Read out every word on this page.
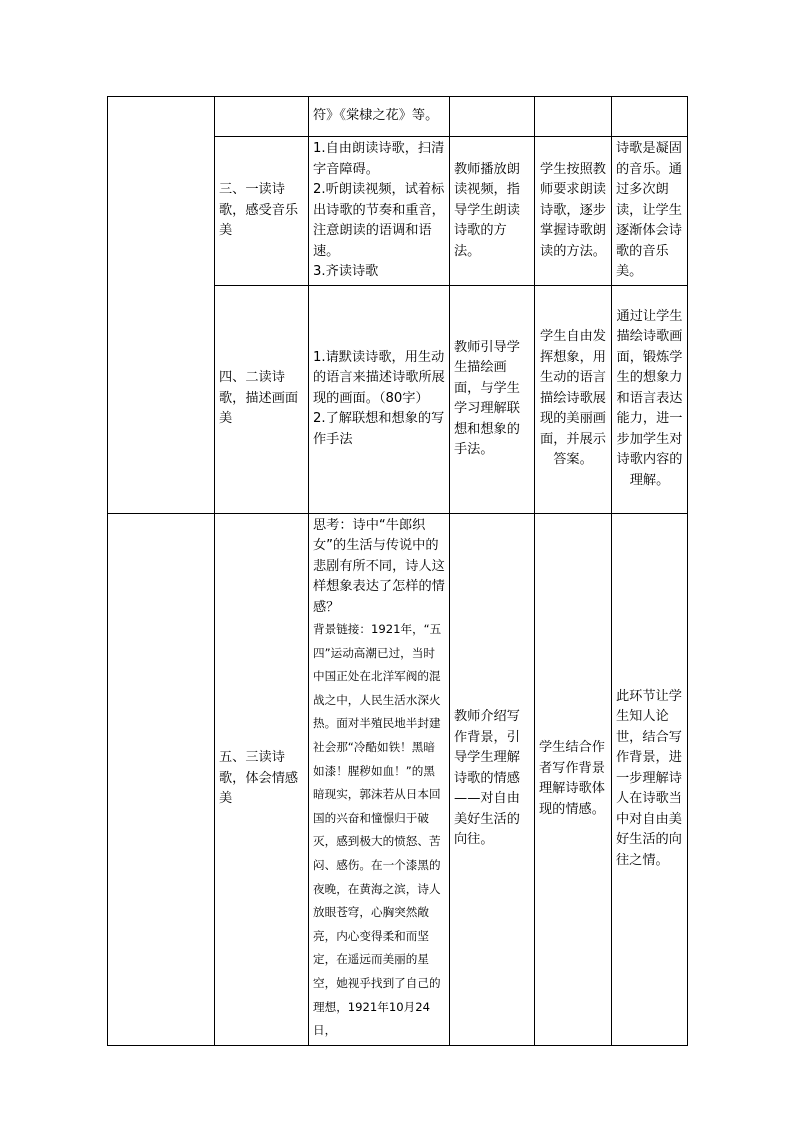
		符》《棠棣之花》等。			
	三、一读诗歌，感受音乐美	1.自由朗读诗歌，扫清字音障碍。
2.听朗读视频，试着标出诗歌的节奏和重音，注意朗读的语调和语速。
3.齐读诗歌	教师播放朗读视频，指导学生朗读诗歌的方法。	学生按照教师要求朗读诗歌，逐步掌握诗歌朗读的方法。	诗歌是凝固的音乐。通过多次朗读，让学生逐渐体会诗歌的音乐美。
	四、二读诗歌，描述画面美	1.请默读诗歌，用生动的语言来描述诗歌所展现的画面。（80字）
2.了解联想和想象的写作手法	教师引导学生描绘画面，与学生学习理解联想和想象的手法。	学生自由发挥想象，用生动的语言描绘诗歌展现的美丽画面，并展示答案。	通过让学生描绘诗歌画面，锻炼学生的想象力和语言表达能力，进一步加学生对诗歌内容的理解。
	五、三读诗歌，体会情感美	思考：诗中“牛郎织女”的生活与传说中的悲剧有所不同，诗人这样想象表达了怎样的情感？
背景链接：1921年，“五四”运动高潮已过，当时中国正处在北洋军阀的混战之中，人民生活水深火热。面对半殖民地半封建社会那“冷酷如铁！黑暗如漆！腥秽如血！”的黑暗现实，郭沫若从日本回国的兴奋和憧憬归于破灭，感到极大的愤怒、苦闷、感伤。在一个漆黑的夜晚，在黄海之滨，诗人放眼苍穹，心胸突然敞亮，内心变得柔和而坚定，在遥远而美丽的星空，她视乎找到了自己的理想，1921年10月24日，	教师介绍写作背景，引导学生理解诗歌的情感——对自由美好生活的向往。	学生结合作者写作背景理解诗歌体现的情感。	此环节让学生知人论世，结合写作背景，进一步理解诗人在诗歌当中对自由美好生活的向往之情。
